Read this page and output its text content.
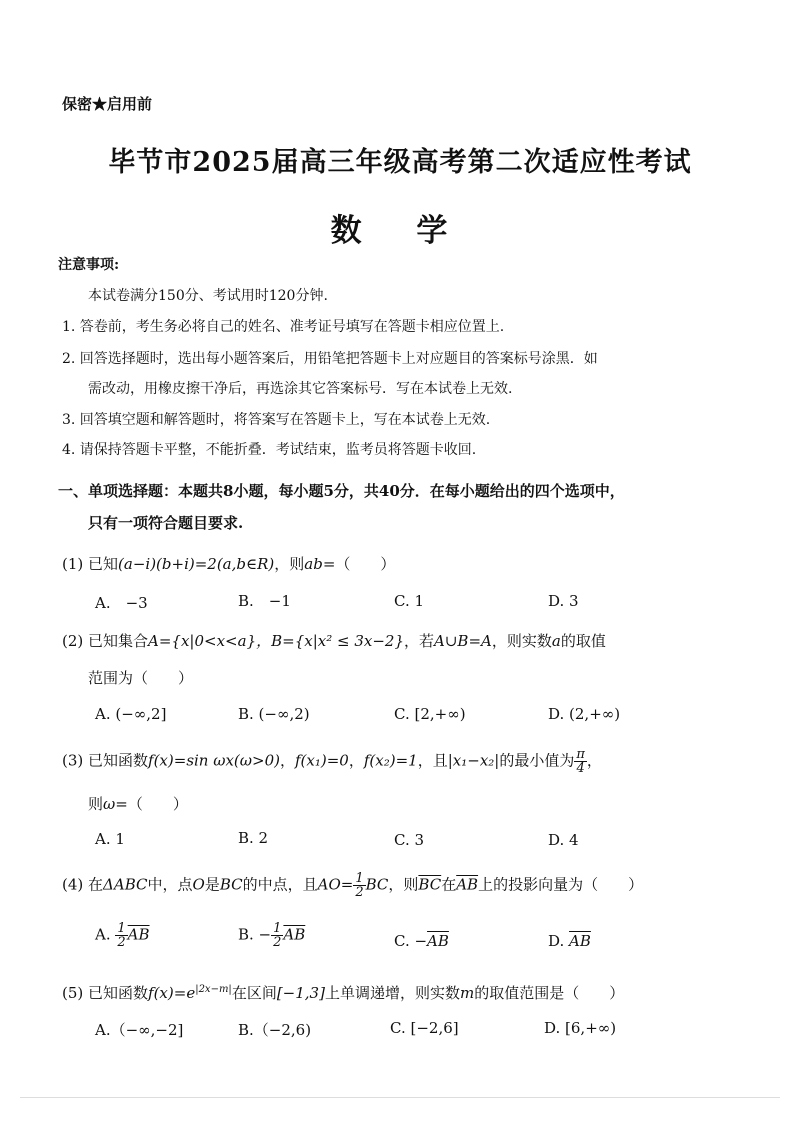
保密★启用前
毕节市2025届高三年级高考第二次适应性考试
数 学
注意事项:
本试卷满分150分、考试用时120分钟.
1. 答卷前，考生务必将自己的姓名、准考证号填写在答题卡相应位置上.
2. 回答选择题时，选出每小题答案后，用铅笔把答题卡上对应题目的答案标号涂黑．如
需改动，用橡皮擦干净后，再选涂其它答案标号．写在本试卷上无效.
3. 回答填空题和解答题时，将答案写在答题卡上，写在本试卷上无效.
4. 请保持答题卡平整，不能折叠．考试结束，监考员将答题卡收回.
一、单项选择题：本题共8小题，每小题5分，共40分．在每小题给出的四个选项中，
只有一项符合题目要求.
(1) 已知(a−i)(b+i)=2(a,b∈R)，则ab=（　　）
A.　−3	B.　−1	C. 1	D. 3
(2) 已知集合A={x|0<x<a}，B={x|x² ≤ 3x−2}，若A∪B=A，则实数a的取值
范围为（　　）
A. (−∞,2]	B. (−∞,2)	C. [2,+∞)	D. (2,+∞)
(3) 已知函数f(x)=sin ωx(ω>0)，f(x₁)=0，f(x₂)=1，且|x₁−x₂|的最小值为 $\frac{\pi}{4}$ ，
则ω=（　　）
A. 1	B. 2	C. 3	D. 4
(4) 在ΔABC中，点O是BC的中点，且$AO= \frac{1}{2}$ BC，则$\overline{BC}$在$\overline{AB}$上的投影向量为（　　）
A. $\frac{1}{2} \overline{AB}$	B. − $\frac{1}{2} \overline{AB}$	C. $-\overline{AB}$	D. $\overline{AB}$
(5) 已知函数$f(x)=e^{|2x-m|}$在区间[−1,3]上单调递增，则实数m的取值范围是（　　）
A.（−∞,−2]	B.（−2,6)	C. [−2,6]	D. [6,+∞)
